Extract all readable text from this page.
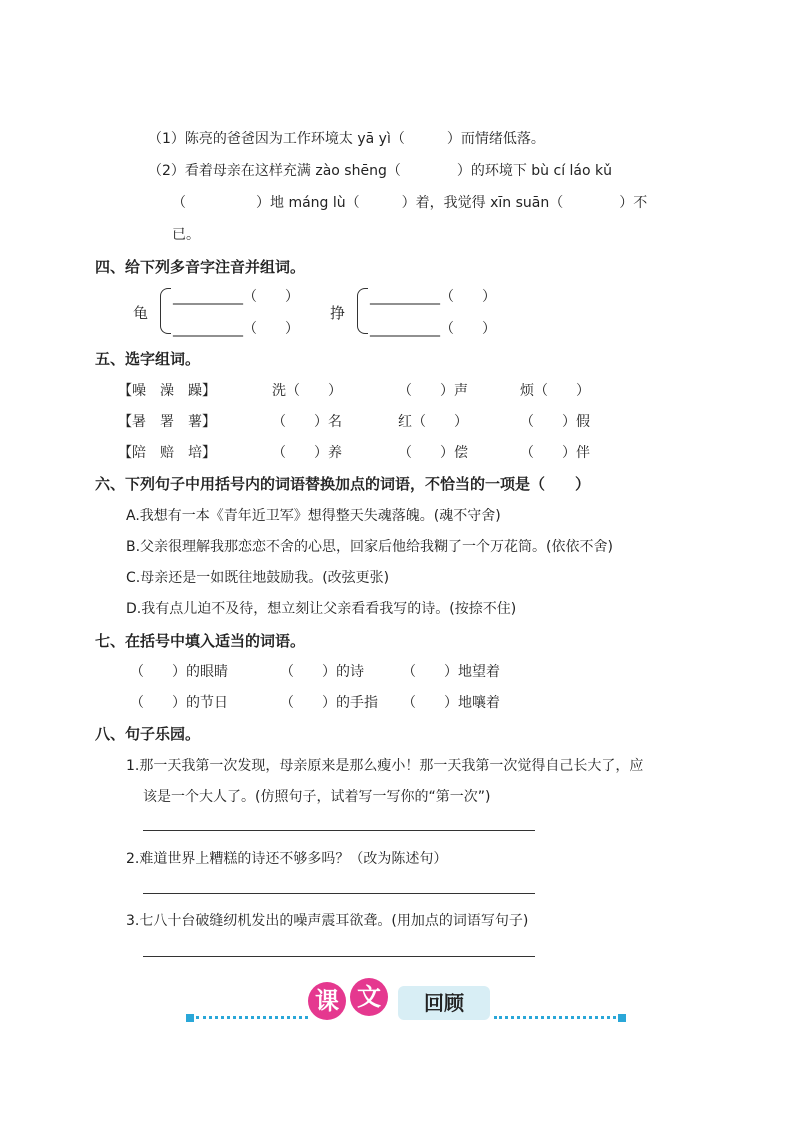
（1）陈亮的爸爸因为工作环境太 yā yì（　　　）而情绪低落。
（2）看着母亲在这样充满 zào shēng（　　　　）的环境下 bù cí láo kǔ
（　　　　　）地 máng lù（　　　）着，我觉得 xīn suān（　　　　）不
已。
四、给下列多音字注音并组词。
龟
__________（　　）
__________（　　）
挣
__________（　　）
__________（　　）
五、选字组词。
【噪　澡　躁】	洗（　　）	（　　）声	烦（　　）
【暑　署　薯】	（　　）名	红（　　）	（　　）假
【陪　赔　培】	（　　）养	（　　）偿	（　　）伴
六、下列句子中用括号内的词语替换加点的词语，不恰当的一项是（　　）
A.我想有一本《青年近卫军》想得整天失魂落魄。(魂不守舍)
B.父亲很理解我那恋恋不舍的心思，回家后他给我糊了一个万花筒。(依依不舍)
C.母亲还是一如既往地鼓励我。(改弦更张)
D.我有点儿迫不及待，想立刻让父亲看看我写的诗。(按捺不住)
七、在括号中填入适当的词语。
（　　）的眼睛	（　　）的诗	（　　）地望着
（　　）的节日	（　　）的手指 （　　）地嚷着
八、句子乐园。
1.那一天我第一次发现，母亲原来是那么瘦小！那一天我第一次觉得自己长大了，应
该是一个大人了。(仿照句子，试着写一写你的“第一次”)
2.难道世界上糟糕的诗还不够多吗？（改为陈述句）
3.七八十台破缝纫机发出的噪声震耳欲聋。(用加点的词语写句子)
课 文	回顾
